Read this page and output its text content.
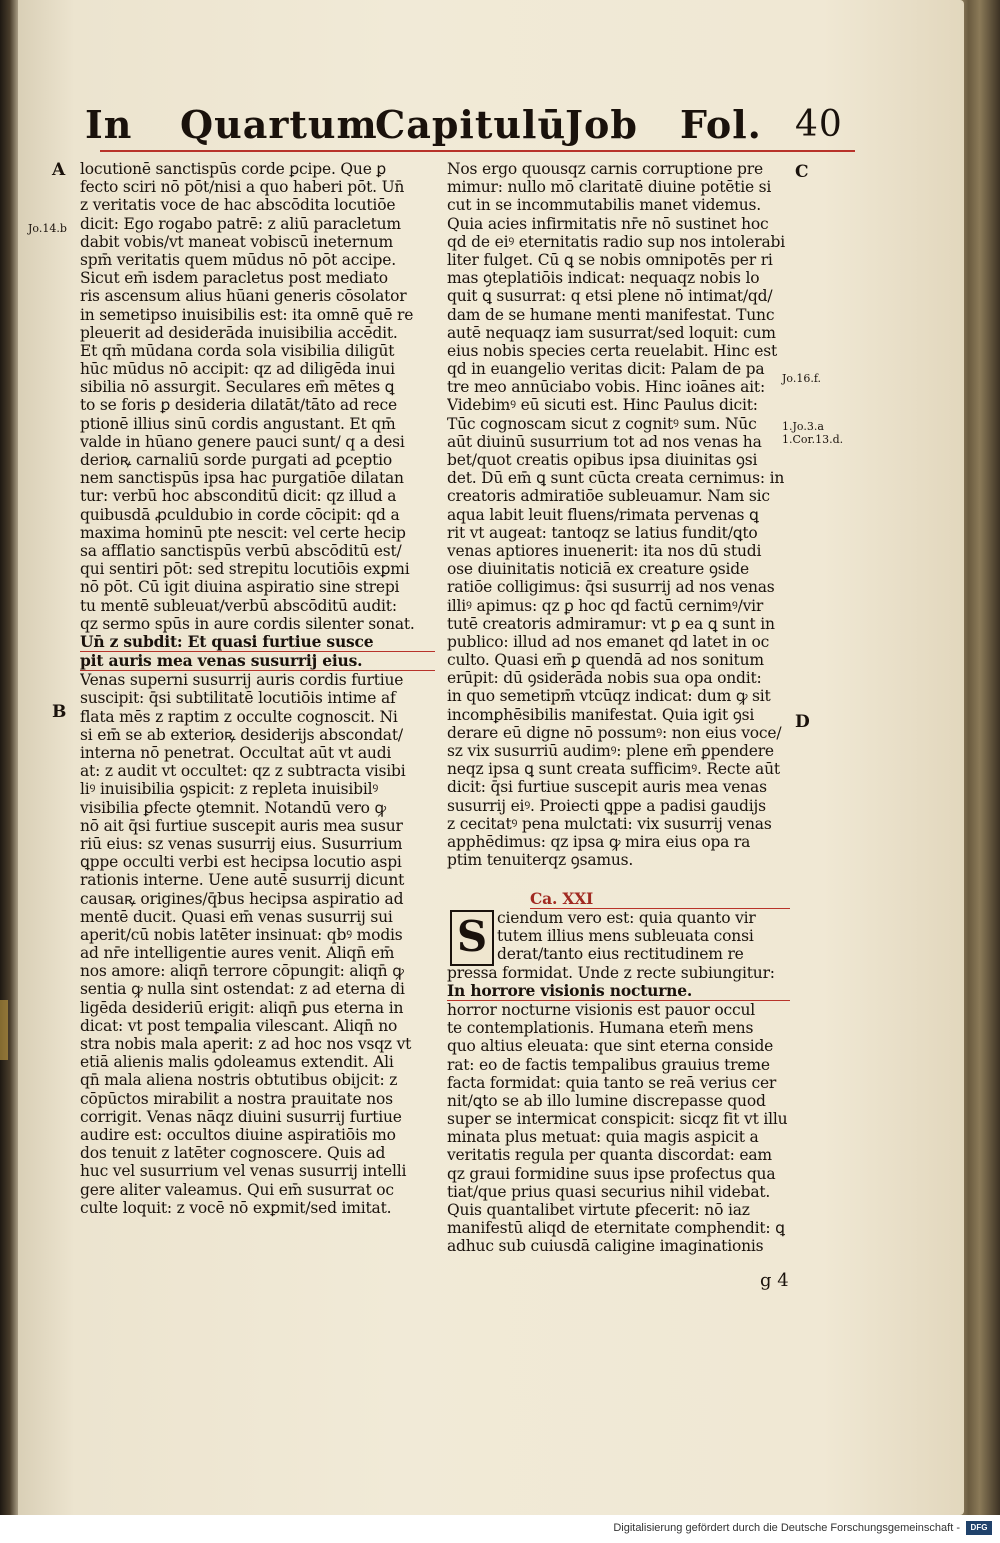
In Quartum
Capitulū
Job Fol. 40
A
Jo.14.b
B
C
Jo.16.f.
1.Jo.3.a
1.Cor.13.d.
D
locutionē sanctispūs corde ꝑcipe. Que ꝑ
fecto sciri nō pōt/nisi a quo haberi pōt. Un̄
z veritatis voce de hac abscōdita locutiōe
dicit: Ego rogabo patrē: z aliū paraclet̄um
dabit vobis/vt maneat vobiscū ineternum
spm̄ veritatis quem mūdus nō pōt accipe.
Sicut em̄ isdem paracletus post mediato
ris ascensum alius hūani generis cōsolator
in semetipso inuisibilis est: ita omnē quē re
pleuerit ad desiderāda inuisibilia accēdit.
Et qm̄ mūdana corda sola visibilia diligūt
hūc mūdus nō accipit: qz ad diligēda inui
sibilia nō assurgit. Seculares em̄ mētes ꝗ
to se foris ꝑ desideria dilatāt/tāto ad rece
ptionē illius sinū cordis angustant. Et qm̄
valde in hūano genere pauci sunt/ q a desi
derioꝶ carnaliū sorde purgati ad ꝑceptio
nem sanctispūs ipsa hac purgatiōe dilatan
tur: verbū hoc absconditū dicit: qz illud a
quibusdā ꝓculdubio in corde cōcipit: qd a
maxima hominū pte nescit: vel certe hecip
sa afflatio sanctispūs verbū abscōditū est/
qui sentiri pōt: sed strepitu locutiōis exꝑmi
nō pōt. Cū igit diuina aspiratio sine strepi
tu mentē subleuat/verbū abscōditū audit:
qz sermo spūs in aure cordis silenter sonat.
Un̄ z subdit: Et quasi furtiue susce
pit auris mea venas susurrij eius.
Venas superni susurrij auris cordis furtiue
suscipit: q̄si subtilitatē locutiōis intime af
flata mēs z raptim z occulte cognoscit. Ni
si em̄ se ab exterioꝶ desiderijs abscondat/
interna nō penetrat. Occultat aūt vt audi
at: z audit vt occultet: qz z subtracta visibi
liꝰ inuisibilia ꝯspicit: z repleta inuisibilꝰ
visibilia ꝑfecte ꝯtemnit. Notandū vero ꝙ
nō ait q̄si furtiue suscepit auris mea susur
riū eius: sz venas susurrij eius. Susurrium
ꝗppe occulti verbi est hecipsa locutio aspi
rationis interne. Uene autē susurrij dicunt
causaꝶ origines/q̄bus hecipsa aspiratio ad
mentē ducit. Quasi em̄ venas susurrij sui
aperit/cū nobis latēter insinuat: qbꝰ modis
ad nr̄e intelligentie aures venit. Aliqn̄ em̄
nos amore: aliqn̄ terrore cōpungit: aliqn̄ ꝙ
sentia ꝙ nulla sint ostendat: z ad eterna di
ligēda desideriū erigit: aliqn̄ ꝑus eterna in
dicat: vt post temꝑalia vilescant. Aliqn̄ no
stra nobis mala aperit: z ad hoc nos vsqz vt
etiā alienis malis ꝯdoleamus extendit. Ali
qn̄ mala aliena nostris obtutibus obijcit: z
cōpūctos mirabilit a nostra prauitate nos
corrigit. Venas nāqz diuini susurrij furtiue
audire est: occultos diuine aspiratiōis mo
dos tenuit z latēter cognoscere. Quis ad
huc vel susurrium vel venas susurrij intelli
gere aliter valeamus. Qui em̄ susurrat oc
culte loquit: z vocē nō exꝑmit/sed imitat.
Nos ergo quousqz carnis corruptione pre
mimur: nullo mō claritatē diuine potētie si
cut in se incommutabilis manet videmus.
Quia acies infirmitatis nr̄e nō sustinet hoc
qd de eiꝰ eternitatis radio sup nos intolerabi
liter fulget. Cū ꝗ se nobis omnipotēs per ri
mas ꝯteplatiōis indicat: nequaqz nobis lo
quit ꝗ susurrat: q etsi plene nō intimat/qd/
dam de se humane menti manifestat. Tunc
autē nequaqz iam susurrat/sed loquit: cum
eius nobis species certa reuelabit. Hinc est
qd in euangelio veritas dicit: Palam de pa
tre meo annūciabo vobis. Hinc ioānes ait:
Videbimꝰ eū sicuti est. Hinc Paulus dicit:
Tūc cognoscam sicut z cognitꝰ sum. Nūc
aūt diuinū susurrium tot ad nos venas ha
bet/quot creatis opibus ipsa diuinitas ꝯsi
det. Dū em̄ ꝗ sunt cūcta creata cernimus: in
creatoris admiratiōe subleuamur. Nam sic
aqua labit leuit fluens/rimata pervenas ꝗ
rit vt augeat: tantoqz se latius fundit/ꝗto
venas aptiores inuenerit: ita nos dū studi
ose diuinitatis noticiā ex creature ꝯside
ratiōe colligimus: q̄si susurrij ad nos venas
illiꝰ apimus: qz ꝑ hoc qd factū cernimꝰ/vir
tutē creatoris admiramur: vt ꝑ ea ꝗ sunt in
publico: illud ad nos emanet qd latet in oc
culto. Quasi em̄ ꝑ quendā ad nos sonitum
erūpit: dū ꝯsiderāda nobis sua opa ondit:
in quo semetipm̄ vtcūqz indicat: dum ꝙ sit
incomꝑhēsibilis manifestat. Quia igit ꝯsi
derare eū digne nō possumꝰ: non eius voce/
sz vix susurriū audimꝰ: plene em̄ ꝑpendere
neqz ipsa ꝗ sunt creata sufficimꝰ. Recte aūt
dicit: q̄si furtiue suscepit auris mea venas
susurrij eiꝰ. Proiecti ꝗppe a padisi gaudijs
z cecitatꝰ pena mulctati: vix susurrij venas
apphēdimus: qz ipsa ꝙ mira eius opa ra
ptim tenuiterqz ꝯsamus.
Ca. XXI
S ciendum vero est: quia quanto vir
tutem illius mens subleuata consi
derat/tanto eius rectitudinem re
pressa formidat. Unde z recte subiungitur:
In horrore visionis nocturne.
horror nocturne visionis est pauor occul
te contemplationis. Humana etem̄ mens
quo altius eleuata: que sint eterna conside
rat: eo de factis tempalibus grauius treme
facta formidat: quia tanto se reā verius cer
nit/ꝗto se ab illo lumine discrepasse quod
super se intermicat conspicit: sicqz fit vt illu
minata plus metuat: quia magis aspicit a
veritatis regula per quanta discordat: eam
qz graui formidine suus ipse profectus qua
tiat/que prius quasi securius nihil videbat.
Quis quantalibet virtute ꝑfecerit: nō iaz
manifestū aliqd de eternitate comphendit: ꝗ
adhuc sub cuiusdā caligine imaginationis
g 4
Digitalisierung gefördert durch die Deutsche Forschungsgemeinschaft -	DFG
